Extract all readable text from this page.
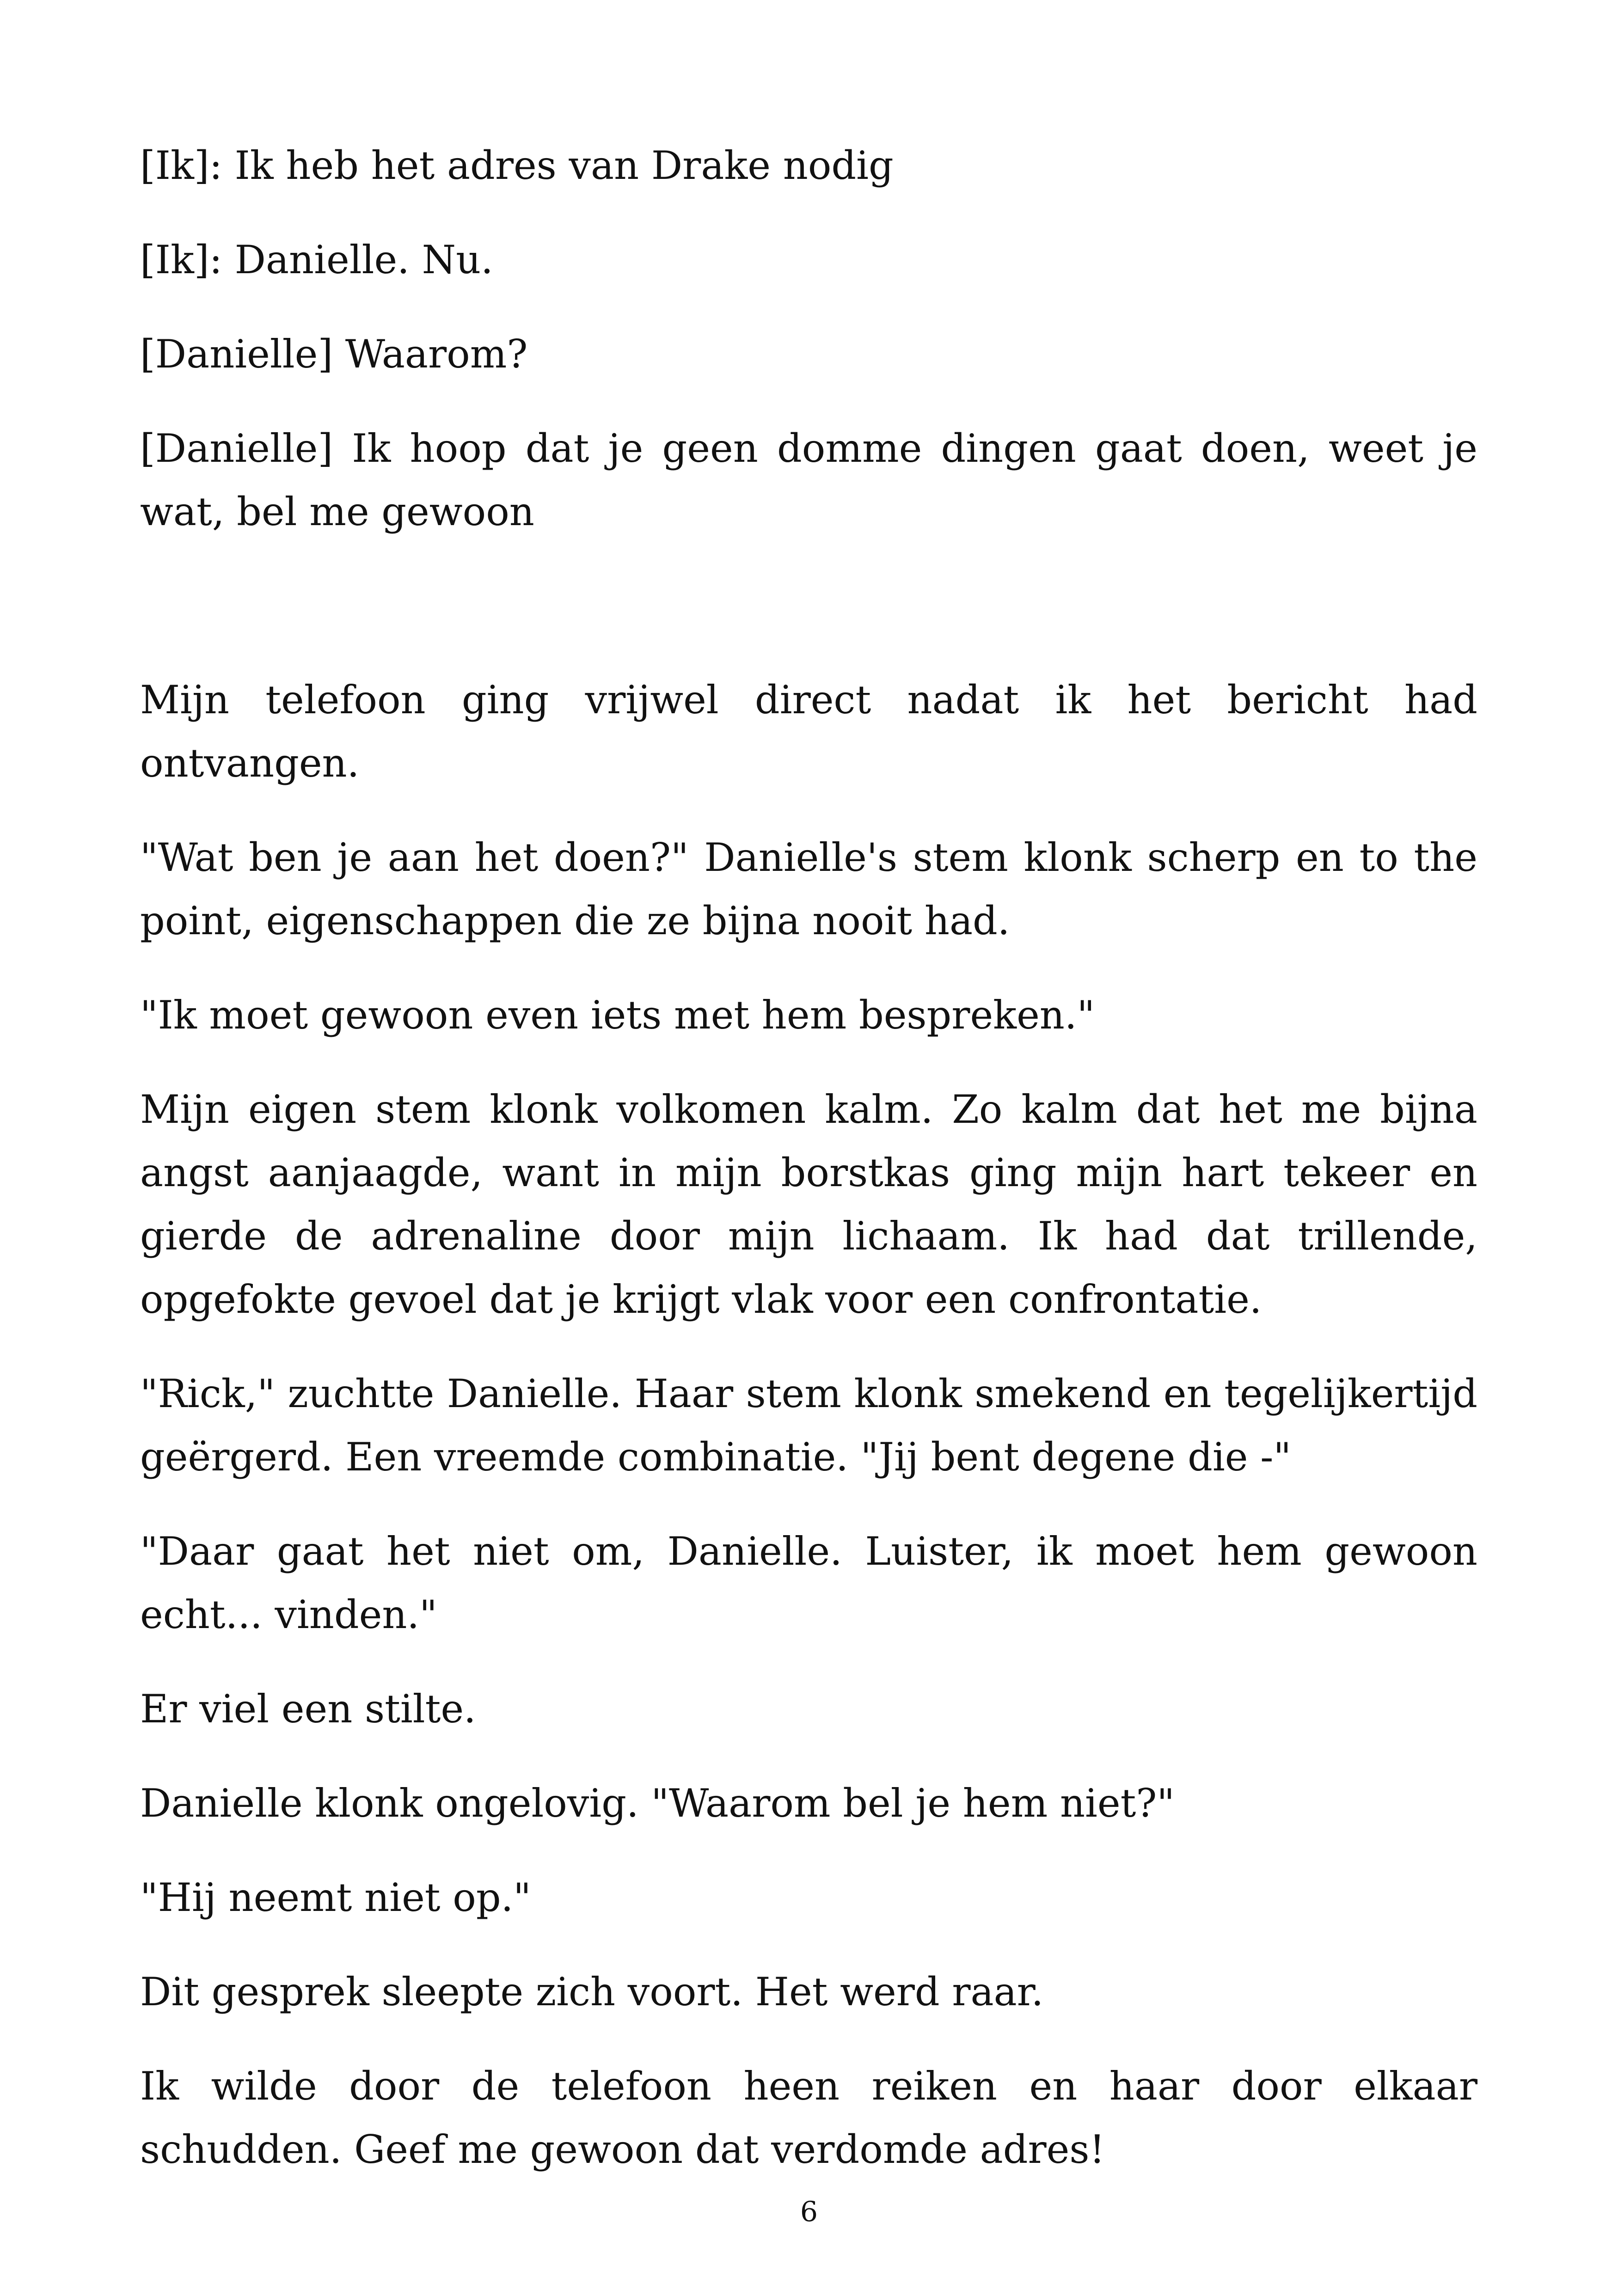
[Ik]: Ik heb het adres van Drake nodig

[Ik]: Danielle. Nu.

[Danielle] Waarom?

[Danielle] Ik hoop dat je geen domme dingen gaat doen, weet je wat, bel me gewoon

Mijn telefoon ging vrijwel direct nadat ik het bericht had ontvangen.

"Wat ben je aan het doen?" Danielle's stem klonk scherp en to the point, eigenschappen die ze bijna nooit had.

"Ik moet gewoon even iets met hem bespreken."

Mijn eigen stem klonk volkomen kalm. Zo kalm dat het me bijna angst aanjaagde, want in mijn borstkas ging mijn hart tekeer en gierde de adrenaline door mijn lichaam. Ik had dat trillende, opgefokte gevoel dat je krijgt vlak voor een confrontatie.

"Rick," zuchtte Danielle. Haar stem klonk smekend en tegelijkertijd geërgerd. Een vreemde combinatie. "Jij bent degene die -"

"Daar gaat het niet om, Danielle. Luister, ik moet hem gewoon echt... vinden."

Er viel een stilte.

Danielle klonk ongelovig. "Waarom bel je hem niet?"

"Hij neemt niet op."

Dit gesprek sleepte zich voort. Het werd raar.

Ik wilde door de telefoon heen reiken en haar door elkaar schudden. Geef me gewoon dat verdomde adres!

6
